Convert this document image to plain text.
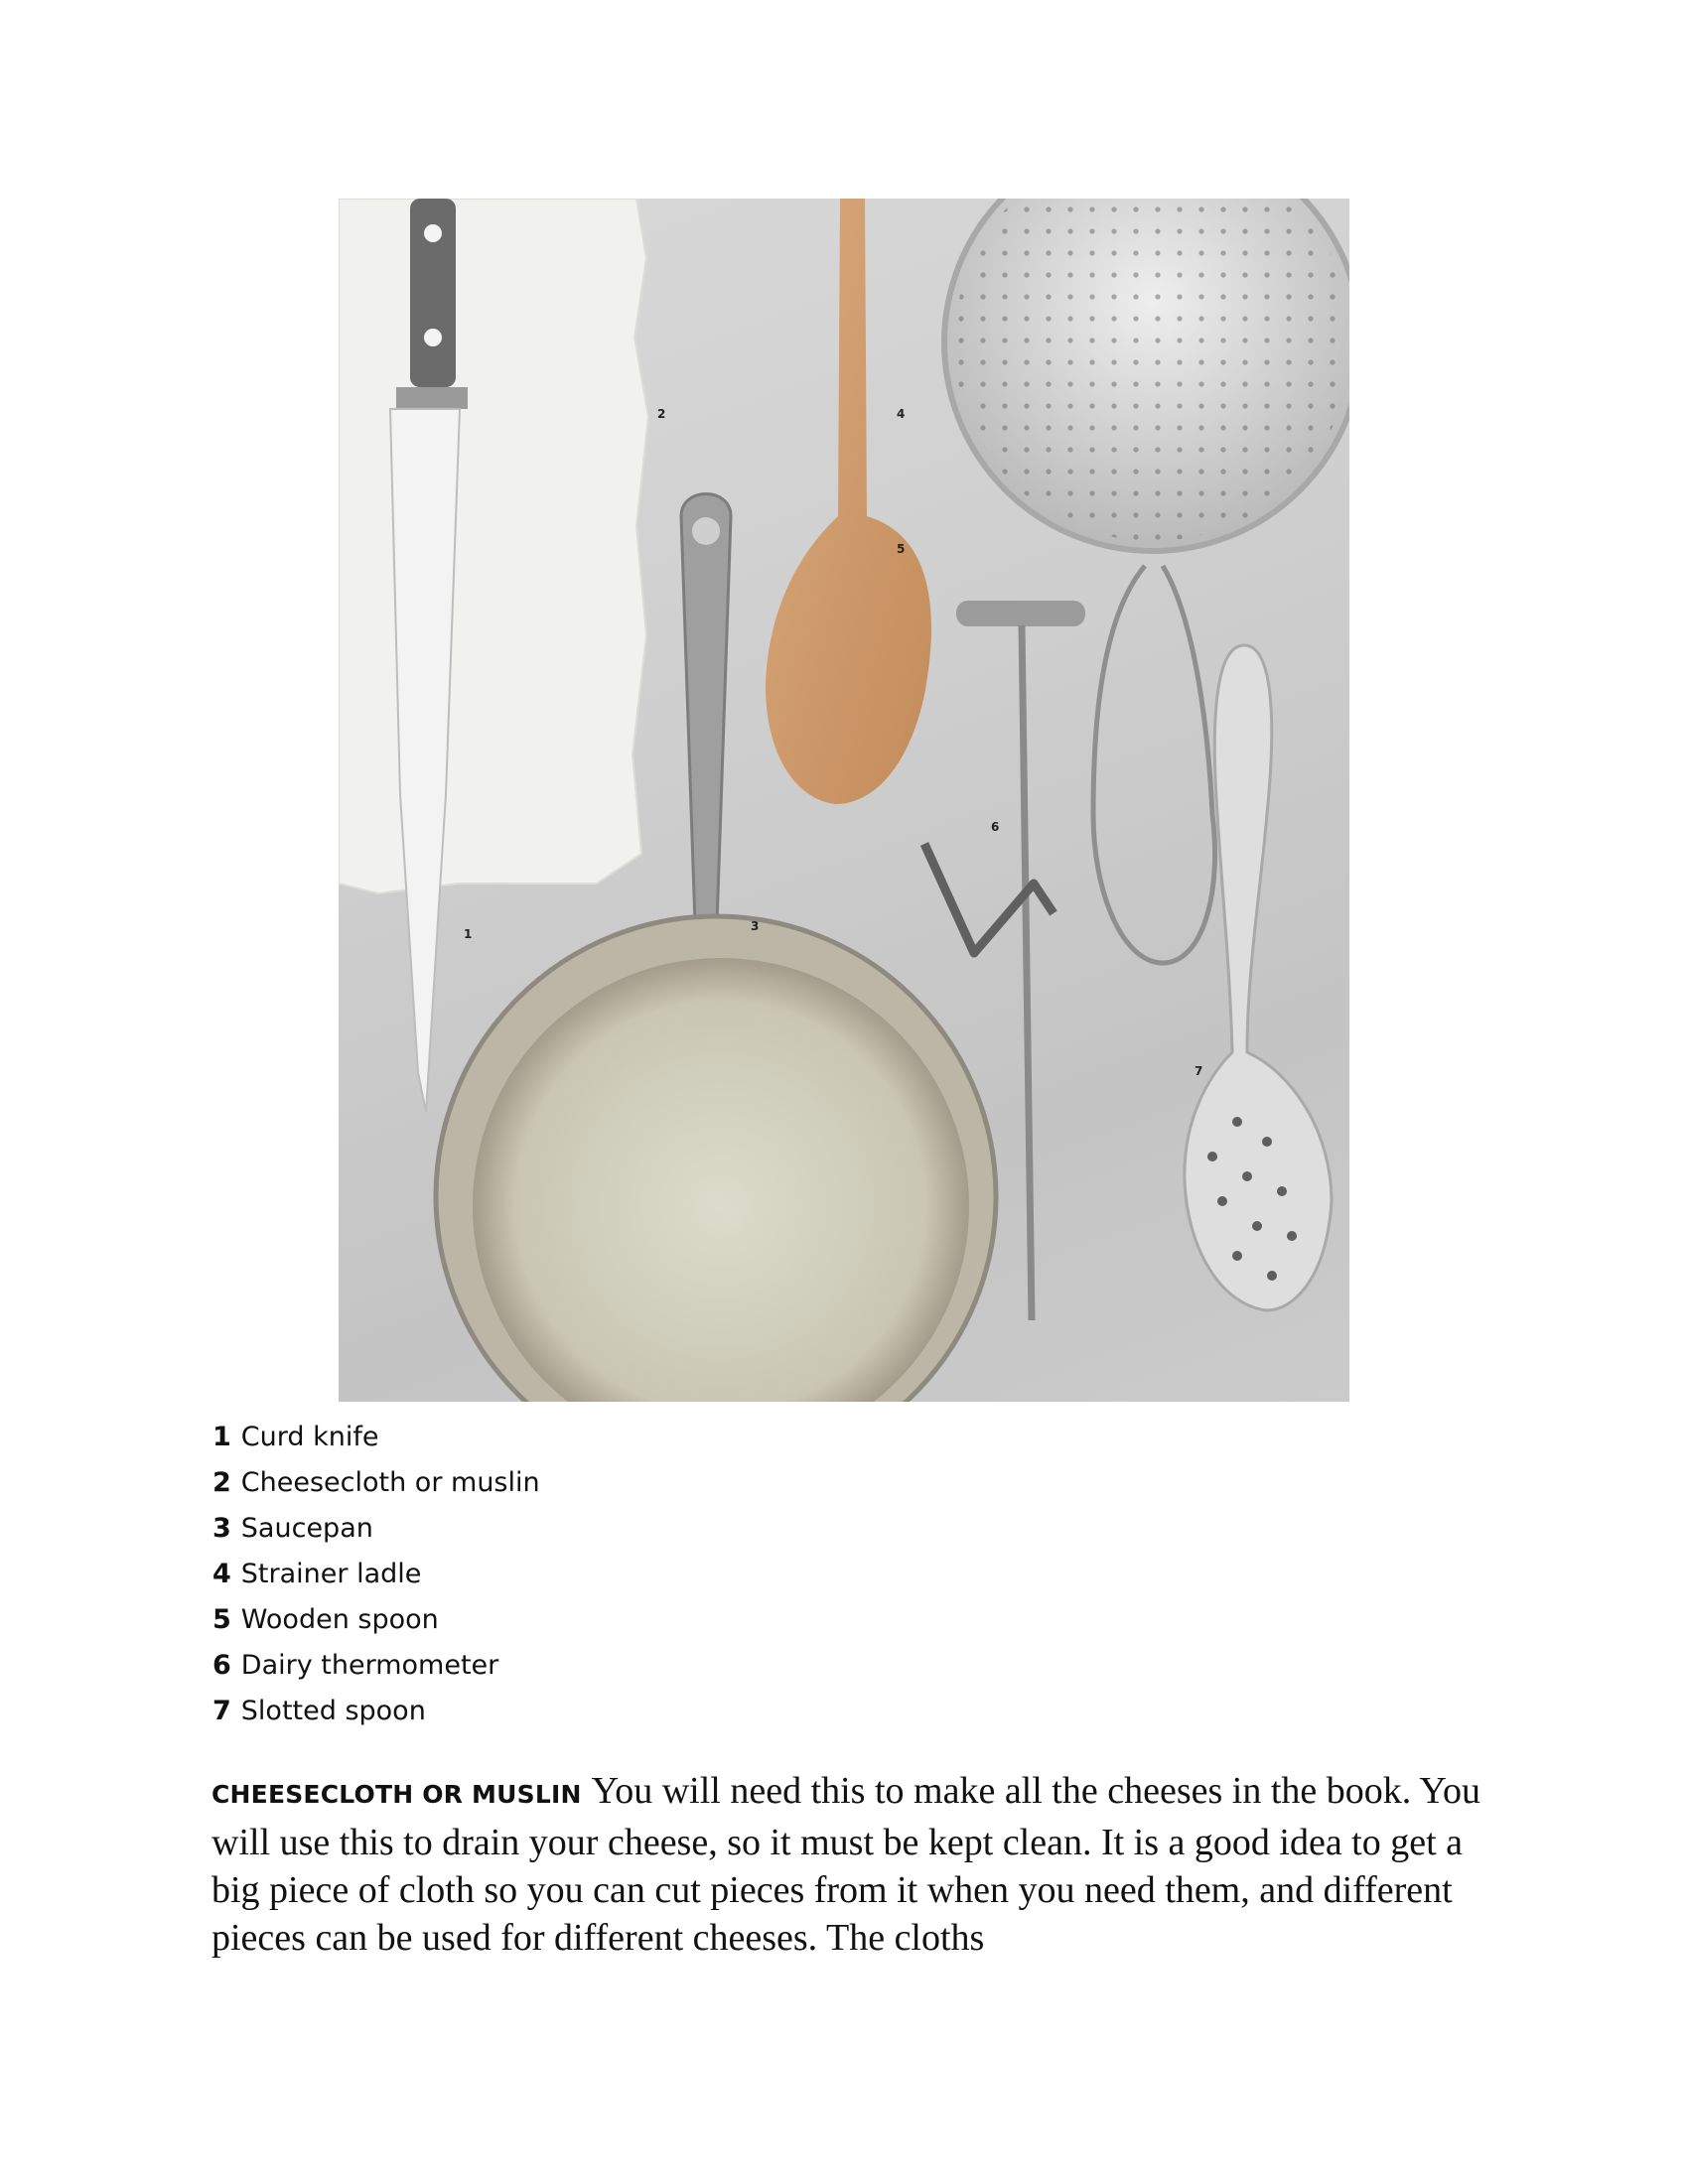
1
2
3
4
5
6
7
1 Curd knife
2 Cheesecloth or muslin
3 Saucepan
4 Strainer ladle
5 Wooden spoon
6 Dairy thermometer
7 Slotted spoon

CHEESECLOTH OR MUSLIN You will need this to make all the cheeses in the book. You will use this to drain your cheese, so it must be kept clean. It is a good idea to get a big piece of cloth so you can cut pieces from it when you need them, and different pieces can be used for different cheeses. The cloths
